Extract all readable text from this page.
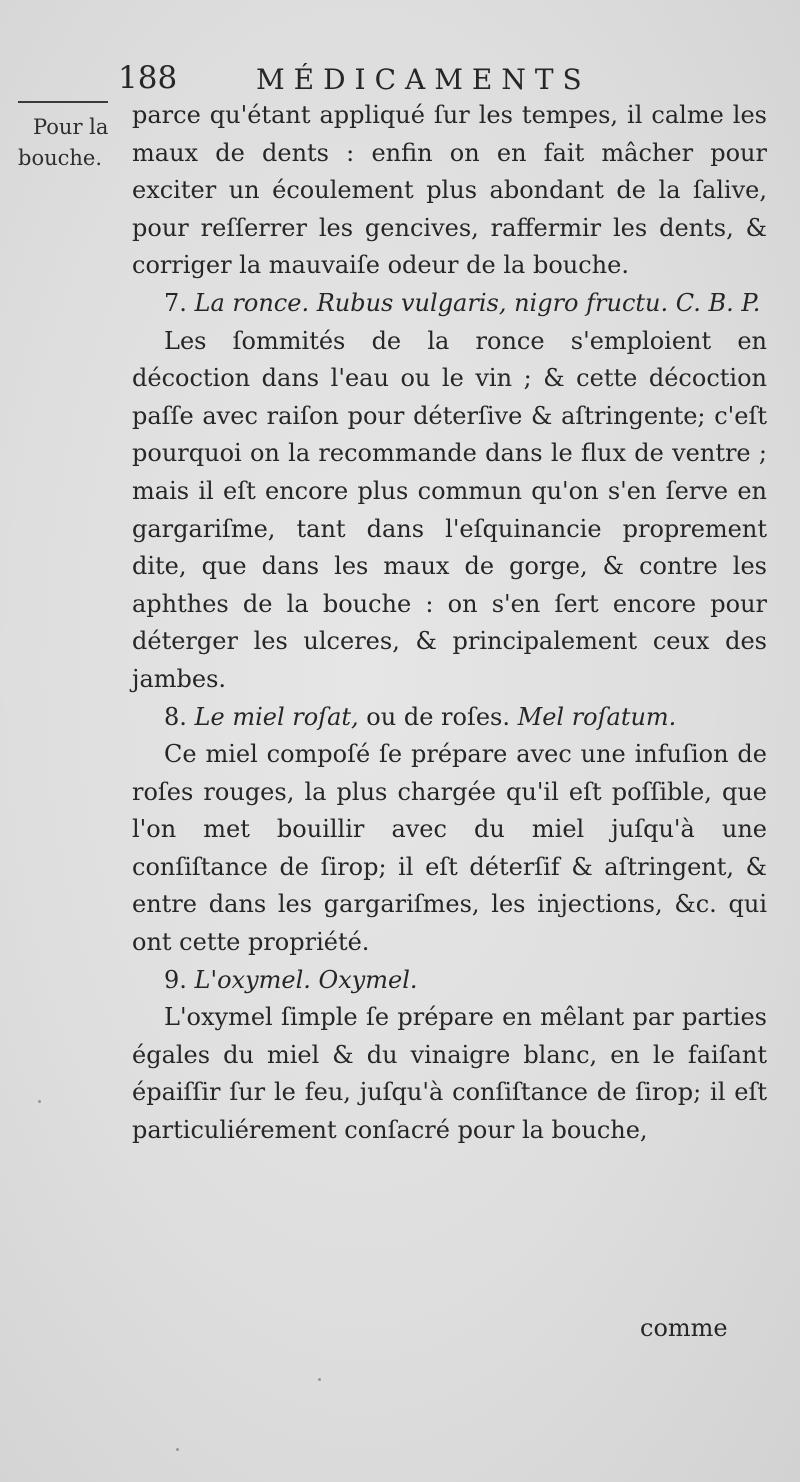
188	MÉDICAMENTS
Pour la
bouche.

parce qu'étant appliqué ſur les tempes, il calme les maux de dents : enfin on en fait mâcher pour exciter un écoulement plus abondant de la ſalive, pour reſſerrer les gencives, raffermir les dents, & corriger la mauvaiſe odeur de la bouche.

7. La ronce. Rubus vulgaris, nigro fructu. C. B. P.

Les ſommités de la ronce s'emploient en décoction dans l'eau ou le vin ; & cette décoction paſſe avec raiſon pour déterſive & aſtringente; c'eſt pourquoi on la recommande dans le flux de ventre ; mais il eſt encore plus commun qu'on s'en ſerve en gargariſme, tant dans l'eſquinancie proprement dite, que dans les maux de gorge, & contre les aphthes de la bouche : on s'en ſert encore pour déterger les ulceres, & principalement ceux des jambes.

8. Le miel roſat, ou de roſes. Mel roſatum.

Ce miel compoſé ſe prépare avec une infuſion de roſes rouges, la plus chargée qu'il eſt poſſible, que l'on met bouillir avec du miel juſqu'à une conſiſtance de ſirop; il eſt déterſif & aſtringent, & entre dans les gargariſmes, les injections, &c. qui ont cette propriété.

9. L'oxymel. Oxymel.

L'oxymel ſimple ſe prépare en mêlant par parties égales du miel & du vinaigre blanc, en le faiſant épaiſſir ſur le feu, juſqu'à conſiſtance de ſirop; il eſt particuliérement conſacré pour la bouche,

comme
